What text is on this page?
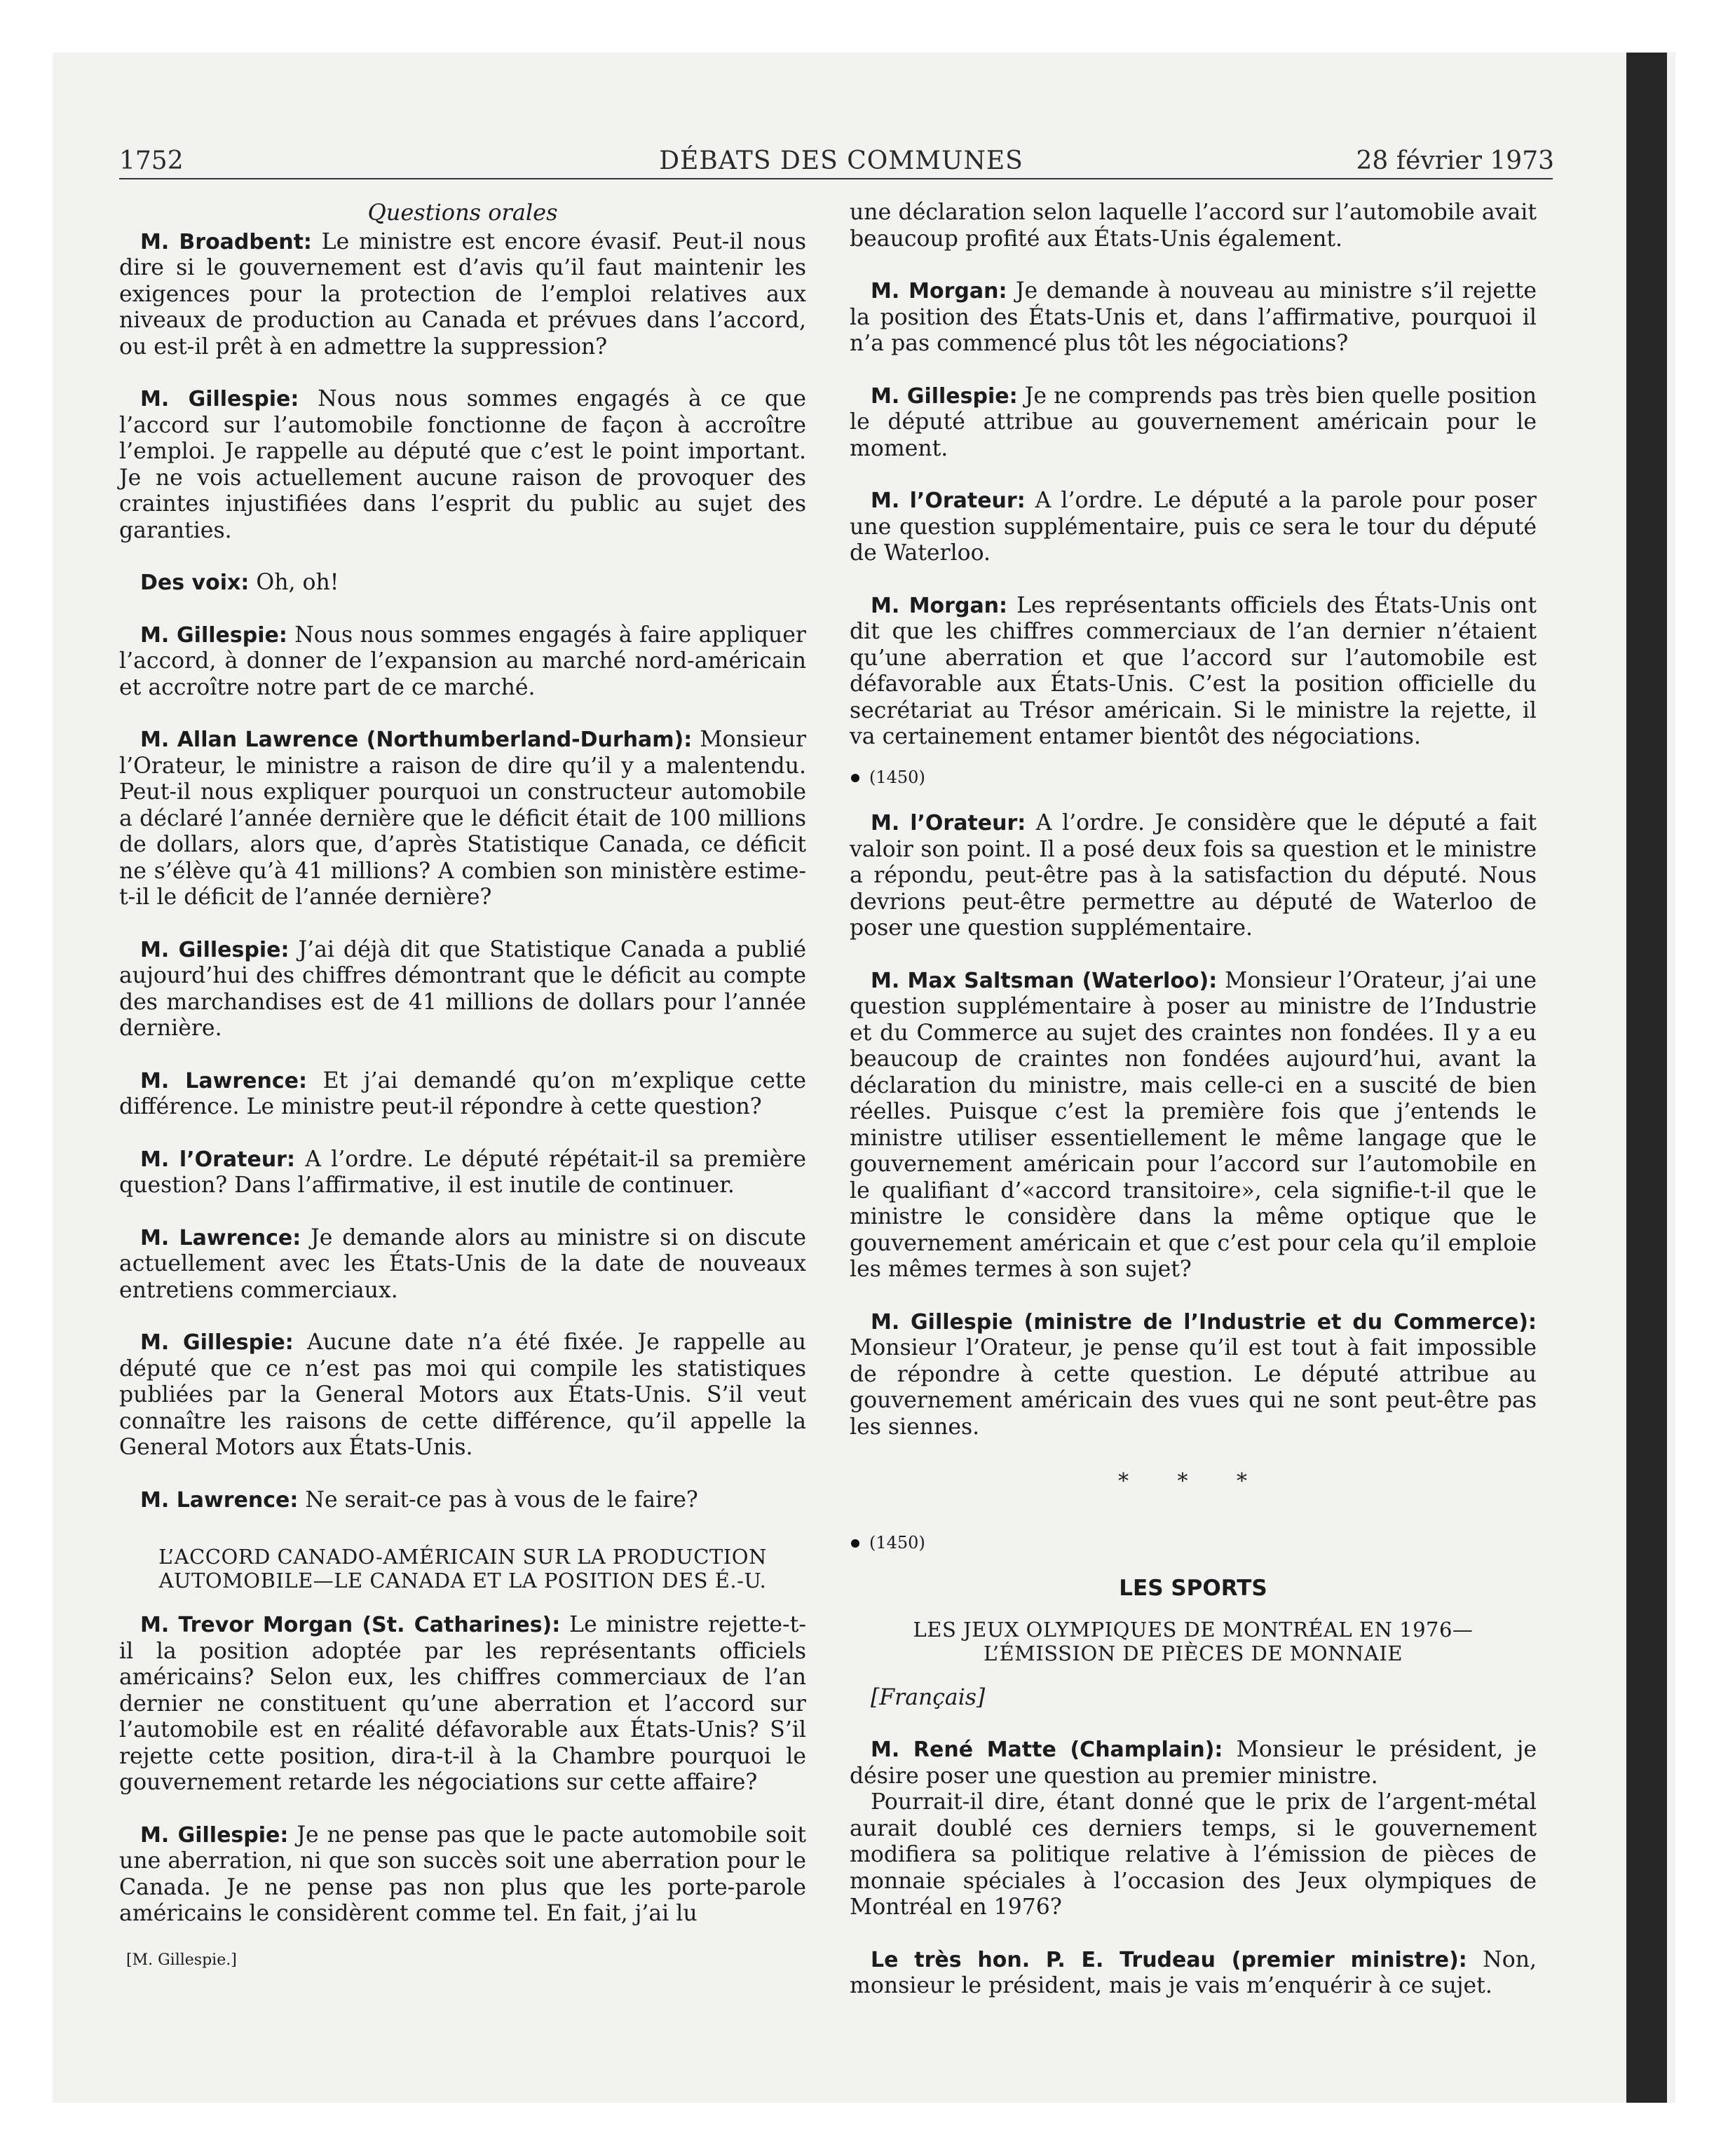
1752	DÉBATS DES COMMUNES	28 février 1973
Questions orales

M. Broadbent: Le ministre est encore évasif. Peut-il nous dire si le gouvernement est d’avis qu’il faut maintenir les exigences pour la protection de l’emploi relatives aux niveaux de production au Canada et prévues dans l’accord, ou est-il prêt à en admettre la suppression?

M. Gillespie: Nous nous sommes engagés à ce que l’accord sur l’automobile fonctionne de façon à accroître l’emploi. Je rappelle au député que c’est le point important. Je ne vois actuellement aucune raison de provoquer des craintes injustifiées dans l’esprit du public au sujet des garanties.

Des voix: Oh, oh!

M. Gillespie: Nous nous sommes engagés à faire appliquer l’accord, à donner de l’expansion au marché nord-américain et accroître notre part de ce marché.

M. Allan Lawrence (Northumberland-Durham): Monsieur l’Orateur, le ministre a raison de dire qu’il y a malentendu. Peut-il nous expliquer pourquoi un constructeur automobile a déclaré l’année dernière que le déficit était de 100 millions de dollars, alors que, d’après Statistique Canada, ce déficit ne s’élève qu’à 41 millions? A combien son ministère estime-t-il le déficit de l’année dernière?

M. Gillespie: J’ai déjà dit que Statistique Canada a publié aujourd’hui des chiffres démontrant que le déficit au compte des marchandises est de 41 millions de dollars pour l’année dernière.

M. Lawrence: Et j’ai demandé qu’on m’explique cette différence. Le ministre peut-il répondre à cette question?

M. l’Orateur: A l’ordre. Le député répétait-il sa première question? Dans l’affirmative, il est inutile de continuer.

M. Lawrence: Je demande alors au ministre si on discute actuellement avec les États-Unis de la date de nouveaux entretiens commerciaux.

M. Gillespie: Aucune date n’a été fixée. Je rappelle au député que ce n’est pas moi qui compile les statistiques publiées par la General Motors aux États-Unis. S’il veut connaître les raisons de cette différence, qu’il appelle la General Motors aux États-Unis.

M. Lawrence: Ne serait-ce pas à vous de le faire?

L’ACCORD CANADO-AMÉRICAIN SUR LA PRODUCTION
AUTOMOBILE—LE CANADA ET LA POSITION DES É.-U.

M. Trevor Morgan (St. Catharines): Le ministre rejette-t-il la position adoptée par les représentants officiels américains? Selon eux, les chiffres commerciaux de l’an dernier ne constituent qu’une aberration et l’accord sur l’automobile est en réalité défavorable aux États-Unis? S’il rejette cette position, dira-t-il à la Chambre pourquoi le gouvernement retarde les négociations sur cette affaire?

M. Gillespie: Je ne pense pas que le pacte automobile soit une aberration, ni que son succès soit une aberration pour le Canada. Je ne pense pas non plus que les porte-parole américains le considèrent comme tel. En fait, j’ai lu

[M. Gillespie.]

une déclaration selon laquelle l’accord sur l’automobile avait beaucoup profité aux États-Unis également.

M. Morgan: Je demande à nouveau au ministre s’il rejette la position des États-Unis et, dans l’affirmative, pourquoi il n’a pas commencé plus tôt les négociations?

M. Gillespie: Je ne comprends pas très bien quelle position le député attribue au gouvernement américain pour le moment.

M. l’Orateur: A l’ordre. Le député a la parole pour poser une question supplémentaire, puis ce sera le tour du député de Waterloo.

M. Morgan: Les représentants officiels des États-Unis ont dit que les chiffres commerciaux de l’an dernier n’étaient qu’une aberration et que l’accord sur l’automobile est défavorable aux États-Unis. C’est la position officielle du secrétariat au Trésor américain. Si le ministre la rejette, il va certainement entamer bientôt des négociations.

(1450)

M. l’Orateur: A l’ordre. Je considère que le député a fait valoir son point. Il a posé deux fois sa question et le ministre a répondu, peut-être pas à la satisfaction du député. Nous devrions peut-être permettre au député de Waterloo de poser une question supplémentaire.

M. Max Saltsman (Waterloo): Monsieur l’Orateur, j’ai une question supplémentaire à poser au ministre de l’Industrie et du Commerce au sujet des craintes non fondées. Il y a eu beaucoup de craintes non fondées aujourd’hui, avant la déclaration du ministre, mais celle-ci en a suscité de bien réelles. Puisque c’est la première fois que j’entends le ministre utiliser essentiellement le même langage que le gouvernement américain pour l’accord sur l’automobile en le qualifiant d’«accord transitoire», cela signifie-t-il que le ministre le considère dans la même optique que le gouvernement américain et que c’est pour cela qu’il emploie les mêmes termes à son sujet?

M. Gillespie (ministre de l’Industrie et du Commerce): Monsieur l’Orateur, je pense qu’il est tout à fait impossible de répondre à cette question. Le député attribue au gouvernement américain des vues qui ne sont peut-être pas les siennes.

* * *
(1450)
LES SPORTS
LES JEUX OLYMPIQUES DE MONTRÉAL EN 1976—
L’ÉMISSION DE PIÈCES DE MONNAIE

[Français]

M. René Matte (Champlain): Monsieur le président, je désire poser une question au premier ministre.

Pourrait-il dire, étant donné que le prix de l’argent-métal aurait doublé ces derniers temps, si le gouvernement modifiera sa politique relative à l’émission de pièces de monnaie spéciales à l’occasion des Jeux olympiques de Montréal en 1976?

Le très hon. P. E. Trudeau (premier ministre): Non, monsieur le président, mais je vais m’enquérir à ce sujet.
